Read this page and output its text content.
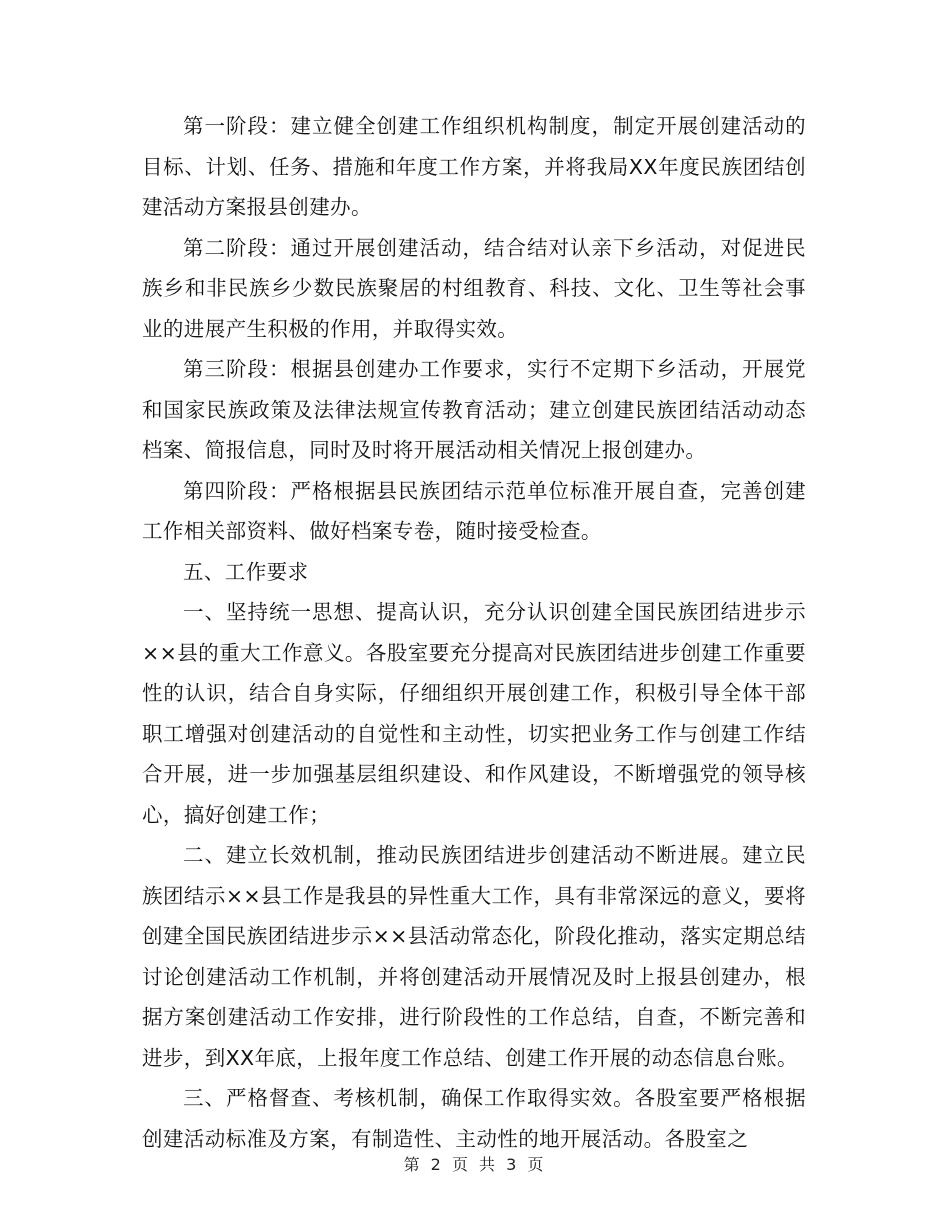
第一阶段：建立健全创建工作组织机构制度，制定开展创建活动的目标、计划、任务、措施和年度工作方案，并将我局XX年度民族团结创建活动方案报县创建办。

第二阶段：通过开展创建活动，结合结对认亲下乡活动，对促进民族乡和非民族乡少数民族聚居的村组教育、科技、文化、卫生等社会事业的进展产生积极的作用，并取得实效。

第三阶段：根据县创建办工作要求，实行不定期下乡活动，开展党和国家民族政策及法律法规宣传教育活动；建立创建民族团结活动动态档案、简报信息，同时及时将开展活动相关情况上报创建办。

第四阶段：严格根据县民族团结示范单位标准开展自查，完善创建工作相关部资料、做好档案专卷，随时接受检查。

五、工作要求

一、坚持统一思想、提高认识，充分认识创建全国民族团结进步示××县的重大工作意义。各股室要充分提高对民族团结进步创建工作重要性的认识，结合自身实际，仔细组织开展创建工作，积极引导全体干部职工增强对创建活动的自觉性和主动性，切实把业务工作与创建工作结合开展，进一步加强基层组织建设、和作风建设，不断增强党的领导核心，搞好创建工作；

二、建立长效机制，推动民族团结进步创建活动不断进展。建立民族团结示××县工作是我县的异性重大工作，具有非常深远的意义，要将创建全国民族团结进步示××县活动常态化，阶段化推动，落实定期总结讨论创建活动工作机制，并将创建活动开展情况及时上报县创建办，根据方案创建活动工作安排，进行阶段性的工作总结，自查，不断完善和进步，到XX年底，上报年度工作总结、创建工作开展的动态信息台账。

三、严格督查、考核机制，确保工作取得实效。各股室要严格根据创建活动标准及方案，有制造性、主动性的地开展活动。各股室之

第 2 页 共 3 页
